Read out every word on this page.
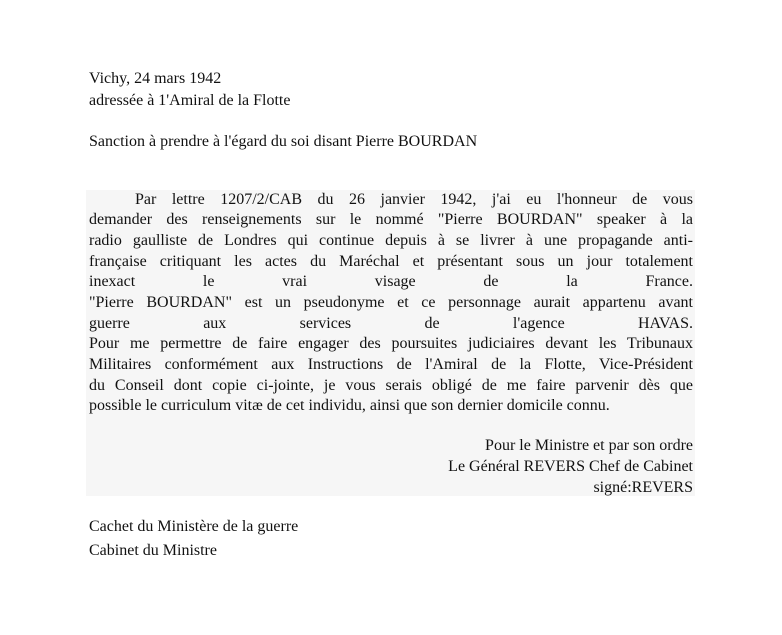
Vichy, 24 mars 1942
adressée à 1'Amiral de la Flotte
Sanction à prendre à l'égard du soi disant Pierre BOURDAN
Par lettre 1207/2/CAB du 26 janvier 1942, j'ai eu l'honneur de vous
demander des renseignements sur le nommé "Pierre BOURDAN" speaker à la
radio gaulliste de Londres qui continue depuis à se livrer à une propagande anti-
française critiquant les actes du Maréchal et présentant sous un jour totalement
inexact le vrai visage de la France.
"Pierre BOURDAN" est un pseudonyme et ce personnage aurait appartenu avant
guerre aux services de l'agence HAVAS.
Pour me permettre de faire engager des poursuites judiciaires devant les Tribunaux
Militaires conformément aux Instructions de l'Amiral de la Flotte, Vice-Président
du Conseil dont copie ci-jointe, je vous serais obligé de me faire parvenir dès que
possible le curriculum vitæ de cet individu, ainsi que son dernier domicile connu.
Pour le Ministre et par son ordre
Le Général REVERS Chef de Cabinet
signé:REVERS
Cachet du Ministère de la guerre
Cabinet du Ministre
